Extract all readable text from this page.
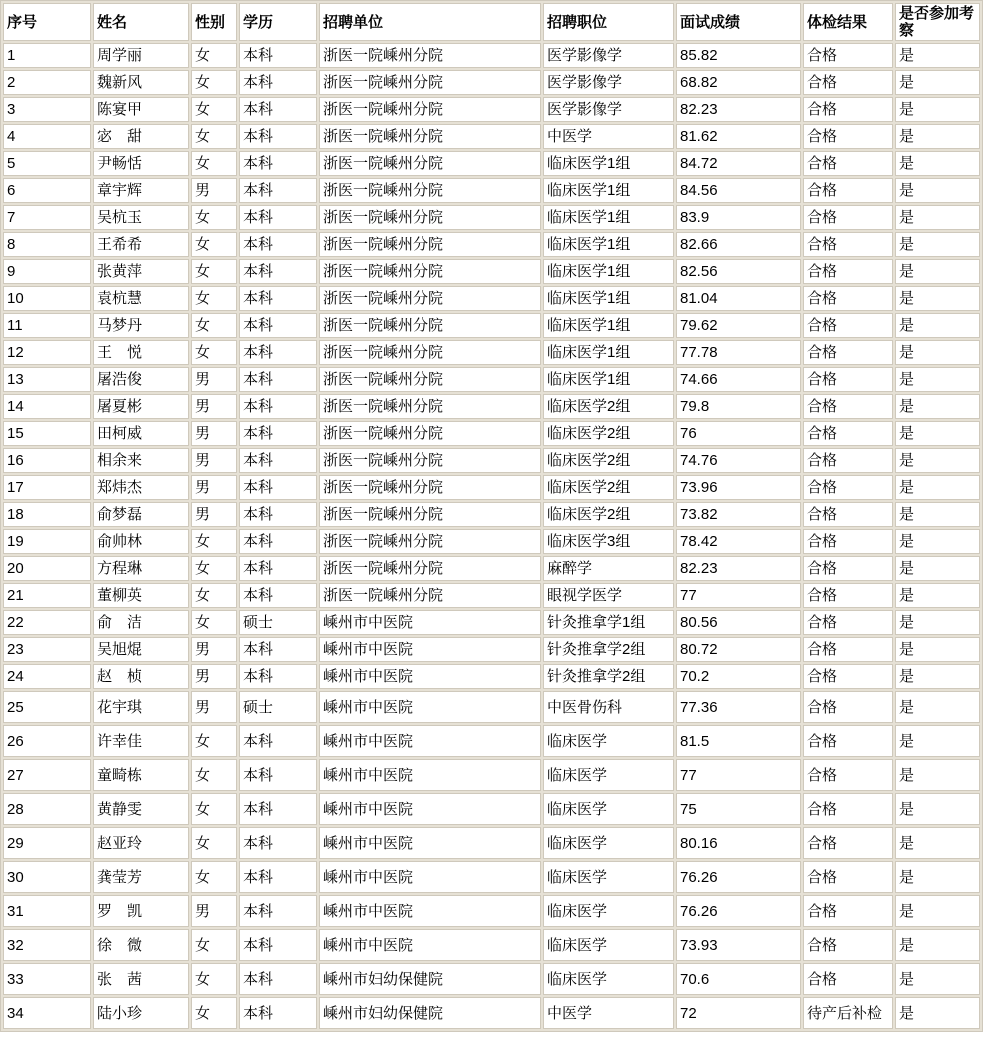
序号	姓名	性别	学历	招聘单位	招聘职位	面试成绩	体检结果	是否参加考察
1	周学丽	女	本科	浙医一院嵊州分院	医学影像学	85.82	合格	是
2	魏新风	女	本科	浙医一院嵊州分院	医学影像学	68.82	合格	是
3	陈宴甲	女	本科	浙医一院嵊州分院	医学影像学	82.23	合格	是
4	宓　甜	女	本科	浙医一院嵊州分院	中医学	81.62	合格	是
5	尹畅恬	女	本科	浙医一院嵊州分院	临床医学1组	84.72	合格	是
6	章宇辉	男	本科	浙医一院嵊州分院	临床医学1组	84.56	合格	是
7	吴杭玉	女	本科	浙医一院嵊州分院	临床医学1组	83.9	合格	是
8	王希希	女	本科	浙医一院嵊州分院	临床医学1组	82.66	合格	是
9	张黄萍	女	本科	浙医一院嵊州分院	临床医学1组	82.56	合格	是
10	袁杭慧	女	本科	浙医一院嵊州分院	临床医学1组	81.04	合格	是
11	马梦丹	女	本科	浙医一院嵊州分院	临床医学1组	79.62	合格	是
12	王　悦	女	本科	浙医一院嵊州分院	临床医学1组	77.78	合格	是
13	屠浩俊	男	本科	浙医一院嵊州分院	临床医学1组	74.66	合格	是
14	屠夏彬	男	本科	浙医一院嵊州分院	临床医学2组	79.8	合格	是
15	田柯威	男	本科	浙医一院嵊州分院	临床医学2组	76	合格	是
16	相余来	男	本科	浙医一院嵊州分院	临床医学2组	74.76	合格	是
17	郑炜杰	男	本科	浙医一院嵊州分院	临床医学2组	73.96	合格	是
18	俞梦磊	男	本科	浙医一院嵊州分院	临床医学2组	73.82	合格	是
19	俞帅林	女	本科	浙医一院嵊州分院	临床医学3组	78.42	合格	是
20	方程琳	女	本科	浙医一院嵊州分院	麻醉学	82.23	合格	是
21	董柳英	女	本科	浙医一院嵊州分院	眼视学医学	77	合格	是
22	俞　洁	女	硕士	嵊州市中医院	针灸推拿学1组	80.56	合格	是
23	吴旭焜	男	本科	嵊州市中医院	针灸推拿学2组	80.72	合格	是
24	赵　桢	男	本科	嵊州市中医院	针灸推拿学2组	70.2	合格	是
25	花宇琪	男	硕士	嵊州市中医院	中医骨伤科	77.36	合格	是
26	许幸佳	女	本科	嵊州市中医院	临床医学	81.5	合格	是
27	童畸栋	女	本科	嵊州市中医院	临床医学	77	合格	是
28	黄静雯	女	本科	嵊州市中医院	临床医学	75	合格	是
29	赵亚玲	女	本科	嵊州市中医院	临床医学	80.16	合格	是
30	龚莹芳	女	本科	嵊州市中医院	临床医学	76.26	合格	是
31	罗　凯	男	本科	嵊州市中医院	临床医学	76.26	合格	是
32	徐　微	女	本科	嵊州市中医院	临床医学	73.93	合格	是
33	张　茜	女	本科	嵊州市妇幼保健院	临床医学	70.6	合格	是
34	陆小珍	女	本科	嵊州市妇幼保健院	中医学	72	待产后补检	是
